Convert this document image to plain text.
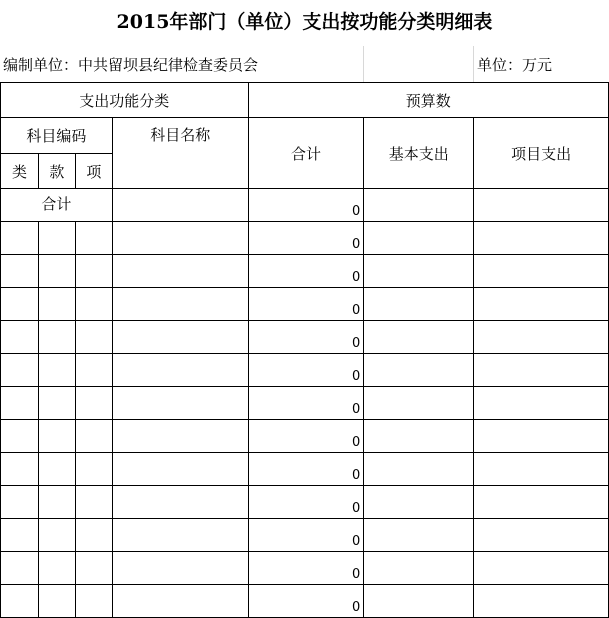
2015年部门（单位）支出按功能分类明细表
编制单位：中共留坝县纪律检查委员会	单位：万元
支出功能分类				预算数		
科目编码			科目名称	合计	基本支出	项目支出
类	款	项				
合计				0		
				0		
				0		
				0		
				0		
				0		
				0		
				0		
				0		
				0		
				0		
				0		
				0		
